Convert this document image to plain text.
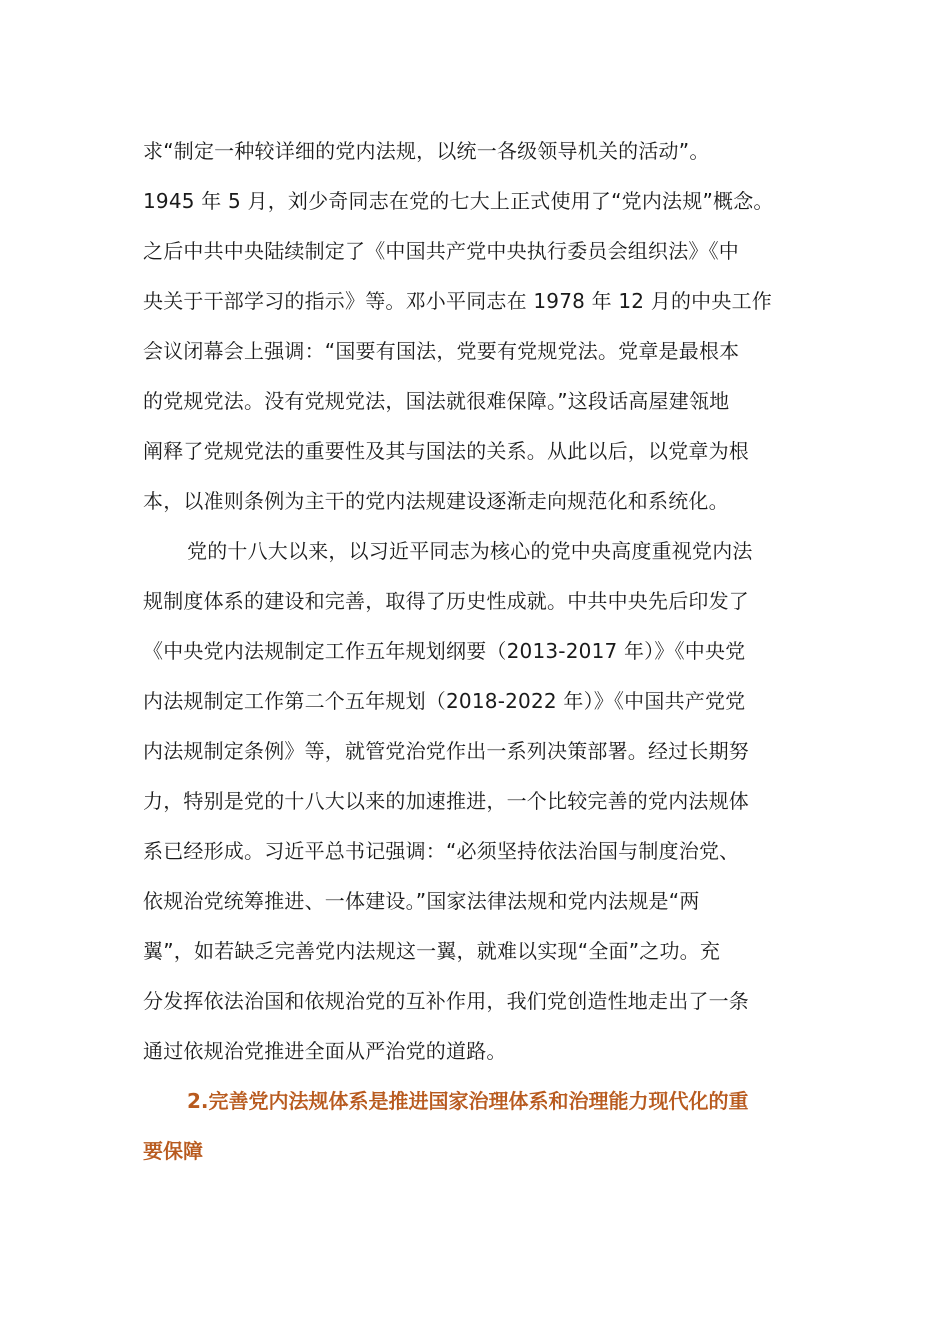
求“制定一种较详细的党内法规，以统一各级领导机关的活动”。
1945 年 5 月，刘少奇同志在党的七大上正式使用了“党内法规”概念。
之后中共中央陆续制定了《中国共产党中央执行委员会组织法》《中
央关于干部学习的指示》等。邓小平同志在 1978 年 12 月的中央工作
会议闭幕会上强调：“国要有国法，党要有党规党法。党章是最根本
的党规党法。没有党规党法，国法就很难保障。”这段话高屋建瓴地
阐释了党规党法的重要性及其与国法的关系。从此以后，以党章为根
本，以准则条例为主干的党内法规建设逐渐走向规范化和系统化。
党的十八大以来，以习近平同志为核心的党中央高度重视党内法
规制度体系的建设和完善，取得了历史性成就。中共中央先后印发了
《中央党内法规制定工作五年规划纲要（2013-2017 年）》《中央党
内法规制定工作第二个五年规划（2018-2022 年）》《中国共产党党
内法规制定条例》等，就管党治党作出一系列决策部署。经过长期努
力，特别是党的十八大以来的加速推进，一个比较完善的党内法规体
系已经形成。习近平总书记强调：“必须坚持依法治国与制度治党、
依规治党统筹推进、一体建设。”国家法律法规和党内法规是“两
翼”，如若缺乏完善党内法规这一翼，就难以实现“全面”之功。充
分发挥依法治国和依规治党的互补作用，我们党创造性地走出了一条
通过依规治党推进全面从严治党的道路。
2.完善党内法规体系是推进国家治理体系和治理能力现代化的重
要保障
